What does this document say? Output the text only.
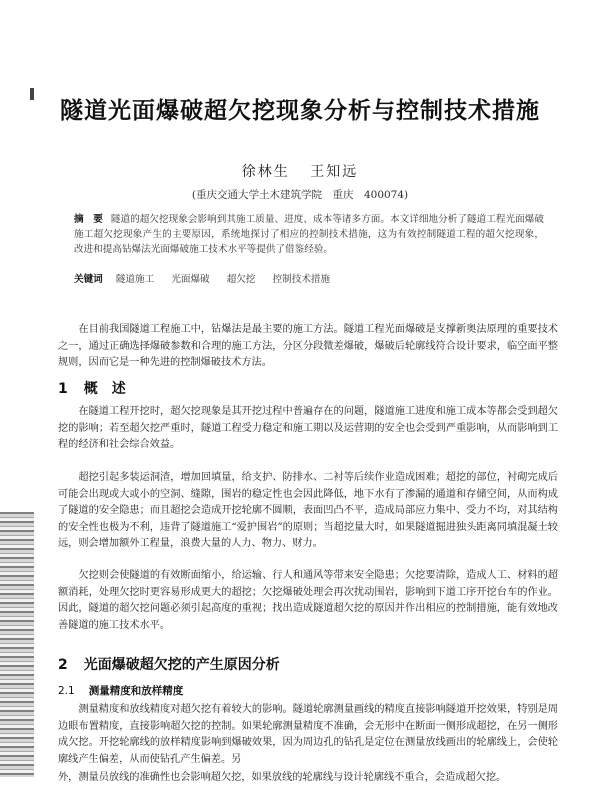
隧道光面爆破超欠挖现象分析与控制技术措施
徐林生 王知远
(重庆交通大学土木建筑学院　重庆　400074)
摘　要 隧道的超欠挖现象会影响到其施工质量、进度、成本等诸多方面。本文详细地分析了隧道工程光面爆破施工超欠挖现象产生的主要原因，系统地探讨了相应的控制技术措施，这为有效控制隧道工程的超欠挖现象，改进和提高钻爆法光面爆破施工技术水平等提供了借鉴经验。
关键词 隧道施工 光面爆破 超欠挖 控制技术措施
在目前我国隧道工程施工中，钻爆法是最主要的施工方法。隧道工程光面爆破是支撑新奥法原理的重要技术之一，通过正确选择爆破参数和合理的施工方法，分区分段微差爆破，爆破后轮廓线符合设计要求，临空面平整规则，因而它是一种先进的控制爆破技术方法。
1 概　述
在隧道工程开挖时，超欠挖现象是其开挖过程中普遍存在的问题，隧道施工进度和施工成本等都会受到超欠挖的影响；若至超欠挖严重时，隧道工程受力稳定和施工期以及运营期的安全也会受到严重影响，从而影响到工程的经济和社会综合效益。
超挖引起多装运洞渣，增加回填量，给支护、防排水、二衬等后续作业造成困难；超挖的部位，衬砌完成后可能会出现或大或小的空洞、缝隙，围岩的稳定性也会因此降低，地下水有了渗漏的通道和存储空间，从而构成了隧道的安全隐患；而且超挖会造成开挖轮廓不圆顺，表面凹凸不平，造成局部应力集中、受力不均，对其结构的安全性也极为不利，违背了隧道施工“爱护围岩”的原则；当超挖量大时，如果隧道掘进独头距离同填混凝土较远，则会增加额外工程量，浪费大量的人力、物力、财力。
欠挖则会使隧道的有效断面缩小，给运输、行人和通风等带来安全隐患；欠挖要清除，造成人工、材料的超额消耗，处理欠挖时更容易形成更大的超挖；欠挖爆破处理会再次扰动围岩，影响到下道工序开挖台车的作业。因此，隧道的超欠挖问题必须引起高度的重视；找出造成隧道超欠挖的原因并作出相应的控制措施，能有效地改善隧道的施工技术水平。
2 光面爆破超欠挖的产生原因分析
2.1 测量精度和放样精度
测量精度和放线精度对超欠挖有着较大的影响。隧道轮廓测量画线的精度直接影响隧道开挖效果，特别是周边眼布置精度，直接影响超欠挖的控制。如果轮廓测量精度不准确，会无形中在断面一侧形成超挖，在另一侧形成欠挖。开挖轮廓线的放样精度影响到爆破效果，因为周边孔的钻孔是定位在测量放线画出的轮廓线上，会使轮廓线产生偏差，从而使钻孔产生偏差。另
外，测量员放线的准确性也会影响超欠挖，如果放线的轮廓线与设计轮廓线不重合，会造成超欠挖。
